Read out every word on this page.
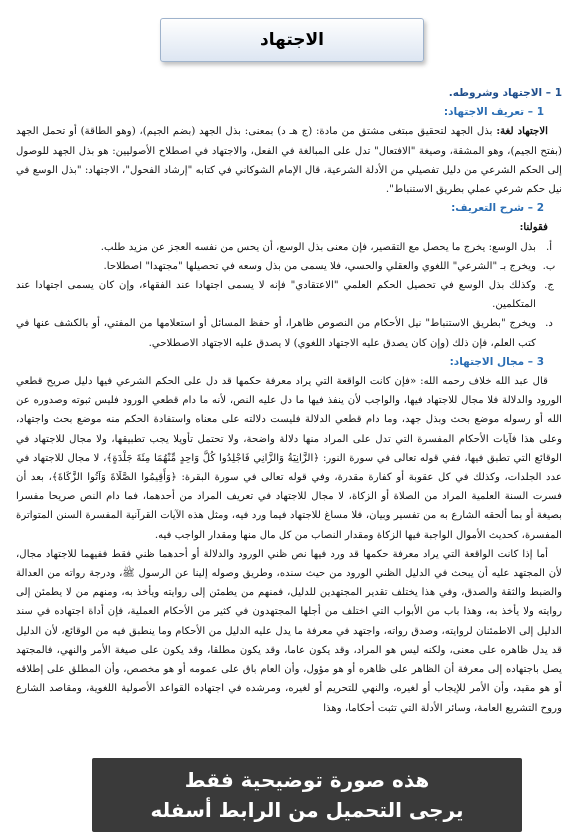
الاجتهاد
1 – الاجتهاد وشروطه.
1 – تعريف الاجتهاد:

الاجتهاد لغة: بذل الجهد لتحقيق مبتغى مشتق من مادة: (ج هـ د) بمعنى: بذل الجهد (بضم الجيم)، (وهو الطاقة) أو تحمل الجهد (بفتح الجيم)، وهو المشقة، وصيغة "الافتعال" تدل على المبالغة في الفعل، والاجتهاد في اصطلاح الأصوليين: هو بذل الجهد للوصول إلى الحكم الشرعي من دليل تفصيلي من الأدلة الشرعية، قال الإمام الشوكاني في كتابه "إرشاد الفحول"، الاجتهاد: "بذل الوسع في نيل حكم شرعي عملي بطريق الاستنباط".

2 – شرح التعريف:

فقولنا:

أ.
بذل الوسع: يخرج ما يحصل مع التقصير، فإن معنى بذل الوسع، أن يحس من نفسه العجز عن مزيد طلب.
ب.
ويخرج بـ "الشرعي" اللغوي والعقلي والحسي، فلا يسمى من بذل وسعه في تحصيلها "مجتهدا" اصطلاحا.
ج.
وكذلك بذل الوسع في تحصيل الحكم العلمي "الاعتقادي" فإنه لا يسمى اجتهادا عند الفقهاء، وإن كان يسمى اجتهادا عند المتكلمين.
د.
ويخرج "بطريق الاستنباط" نيل الأحكام من النصوص ظاهرا، أو حفظ المسائل أو استعلامها من المفتي، أو بالكشف عنها في كتب العلم، فإن ذلك (وإن كان يصدق عليه الاجتهاد اللغوي) لا يصدق عليه الاجتهاد الاصطلاحي.
3 – مجال الاجتهاد:

قال عبد الله خلاف رحمه الله: «فإن كانت الواقعة التي يراد معرفة حكمها قد دل على الحكم الشرعي فيها دليل صريح قطعي الورود والدلالة فلا مجال للاجتهاد فيها، والواجب لأن ينفذ فيها ما دل عليه النص، لأنه ما دام قطعي الورود فليس ثبوته وصدوره عن الله أو رسوله موضع بحث وبذل جهد، وما دام قطعي الدلالة فليست دلالته على معناه واستفادة الحكم منه موضع بحث واجتهاد، وعلى هذا فآيات الأحكام المفسرة التي تدل على المراد منها دلالة واضحة، ولا تحتمل تأويلا يجب تطبيقها، ولا مجال للاجتهاد في الوقائع التي تطبق فيها، ففي قوله تعالى في سورة النور: ﴿الزَّانِيَةُ وَالزَّانِي فَاجْلِدُوا كُلَّ وَاحِدٍ مِّنْهُمَا مِئَةَ جَلْدَةٍ﴾، لا مجال للاجتهاد في عدد الجلدات، وكذلك في كل عقوبة أو كفارة مقدرة، وفي قوله تعالى في سورة البقرة: ﴿وَأَقِيمُوا الصَّلَاةَ وَآتُوا الزَّكَاةَ﴾، بعد أن فسرت السنة العلمية المراد من الصلاة أو الزكاة، لا مجال للاجتهاد في تعريف المراد من أحدهما، فما دام النص صريحا مفسرا بصيغة أو بما ألحقه الشارع به من تفسير وبيان، فلا مساغ للاجتهاد فيما ورد فيه، ومثل هذه الآيات القرآنية المفسرة السنن المتواترة المفسرة، كحديث الأموال الواجبة فيها الزكاة ومقدار النصاب من كل مال منها ومقدار الواجب فيه.

أما إذا كانت الواقعة التي يراد معرفة حكمها قد ورد فيها نص ظني الورود والدلالة أو أحدهما ظني فقط ففيهما للاجتهاد مجال، لأن المجتهد عليه أن يبحث في الدليل الظني الورود من حيث سنده، وطريق وصوله إلينا عن الرسول ﷺ، ودرجة رواته من العدالة والضبط والثقة والصدق، وفي هذا يختلف تقدير المجتهدين للدليل، فمنهم من يطمئن إلى روايته ويأخذ به، ومنهم من لا يطمئن إلى روايته ولا يأخذ به، وهذا باب من الأبواب التي اختلف من أجلها المجتهدون في كثير من الأحكام العملية، فإن أداة اجتهاده في سند الدليل إلى الاطمئنان لروايته، وصدق رواته، واجتهد في معرفة ما يدل عليه الدليل من الأحكام وما ينطبق فيه من الوقائع، لأن الدليل قد يدل ظاهره على معنى، ولكنه ليس هو المراد، وقد يكون عاما، وقد يكون مطلقا، وقد يكون على صيغة الأمر والنهي، فالمجتهد يصل باجتهاده إلى معرفة أن الظاهر على ظاهره أو هو مؤول، وأن العام باق على عمومه أو هو مخصص، وأن المطلق على إطلاقه أو هو مقيد، وأن الأمر للإيجاب أو لغيره، والنهي للتحريم أو لغيره، ومرشده في اجتهاده القواعد الأصولية اللغوية، ومقاصد الشارع وروح التشريع العامة، وسائر الأدلة التي تثبت أحكاما، وهذا

هذه صورة توضيحية فقط
يرجى التحميل من الرابط أسفله
